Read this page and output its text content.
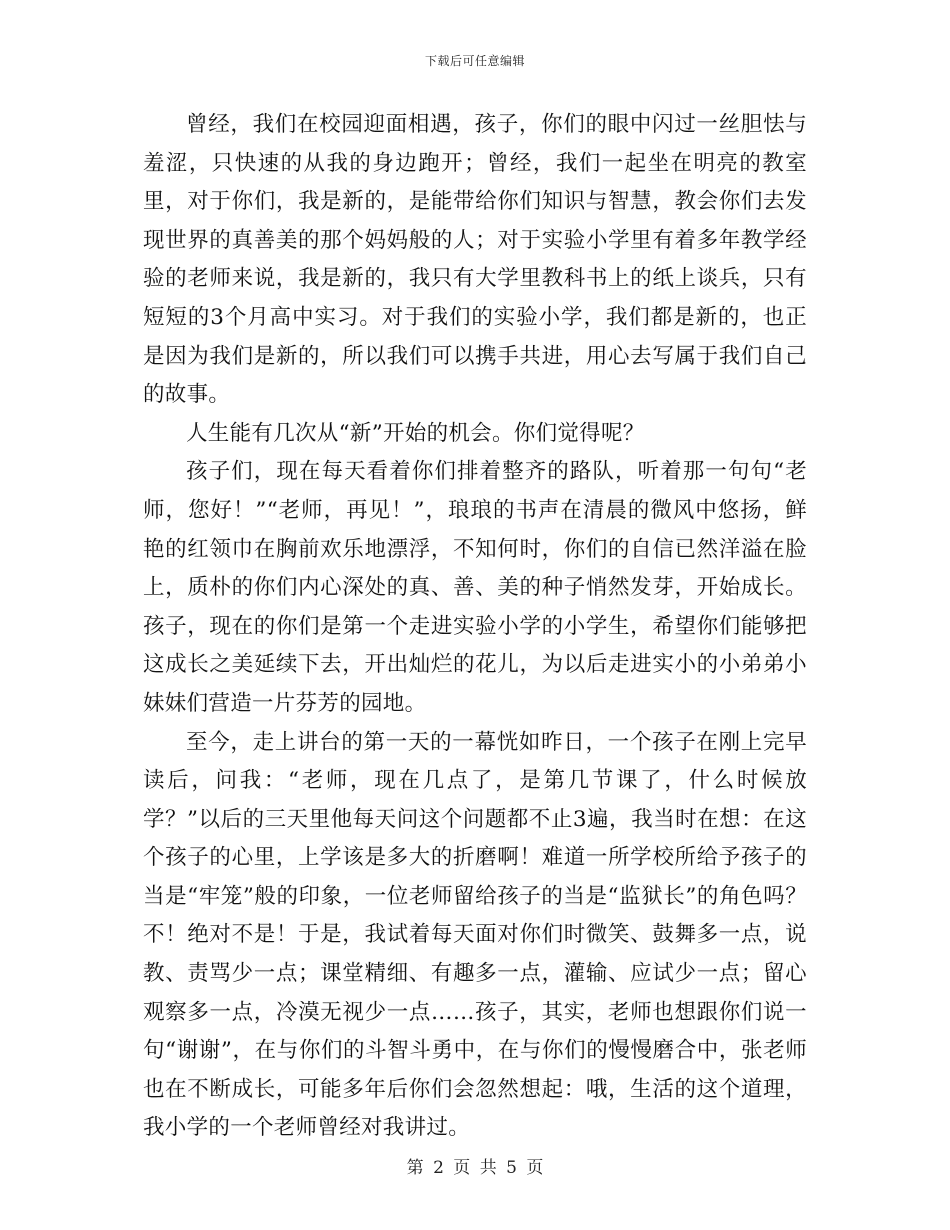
下载后可任意编辑

曾经，我们在校园迎面相遇，孩子，你们的眼中闪过一丝胆怯与羞涩，只快速的从我的身边跑开；曾经，我们一起坐在明亮的教室里，对于你们，我是新的，是能带给你们知识与智慧，教会你们去发现世界的真善美的那个妈妈般的人；对于实验小学里有着多年教学经验的老师来说，我是新的，我只有大学里教科书上的纸上谈兵，只有短短的3个月高中实习。对于我们的实验小学，我们都是新的，也正是因为我们是新的，所以我们可以携手共进，用心去写属于我们自己的故事。

人生能有几次从“新”开始的机会。你们觉得呢？

孩子们，现在每天看着你们排着整齐的路队，听着那一句句“老师，您好！”“老师，再见！”，琅琅的书声在清晨的微风中悠扬，鲜艳的红领巾在胸前欢乐地漂浮，不知何时，你们的自信已然洋溢在脸上，质朴的你们内心深处的真、善、美的种子悄然发芽，开始成长。孩子，现在的你们是第一个走进实验小学的小学生，希望你们能够把这成长之美延续下去，开出灿烂的花儿，为以后走进实小的小弟弟小妹妹们营造一片芬芳的园地。

至今，走上讲台的第一天的一幕恍如昨日，一个孩子在刚上完早读后，问我：“老师，现在几点了，是第几节课了，什么时候放学？”以后的三天里他每天问这个问题都不止3遍，我当时在想：在这个孩子的心里，上学该是多大的折磨啊！难道一所学校所给予孩子的当是“牢笼”般的印象，一位老师留给孩子的当是“监狱长”的角色吗？不！绝对不是！于是，我试着每天面对你们时微笑、鼓舞多一点，说教、责骂少一点；课堂精细、有趣多一点，灌输、应试少一点；留心观察多一点，冷漠无视少一点……孩子，其实，老师也想跟你们说一句“谢谢”，在与你们的斗智斗勇中，在与你们的慢慢磨合中，张老师也在不断成长，可能多年后你们会忽然想起：哦，生活的这个道理，我小学的一个老师曾经对我讲过。

第 2 页 共 5 页
